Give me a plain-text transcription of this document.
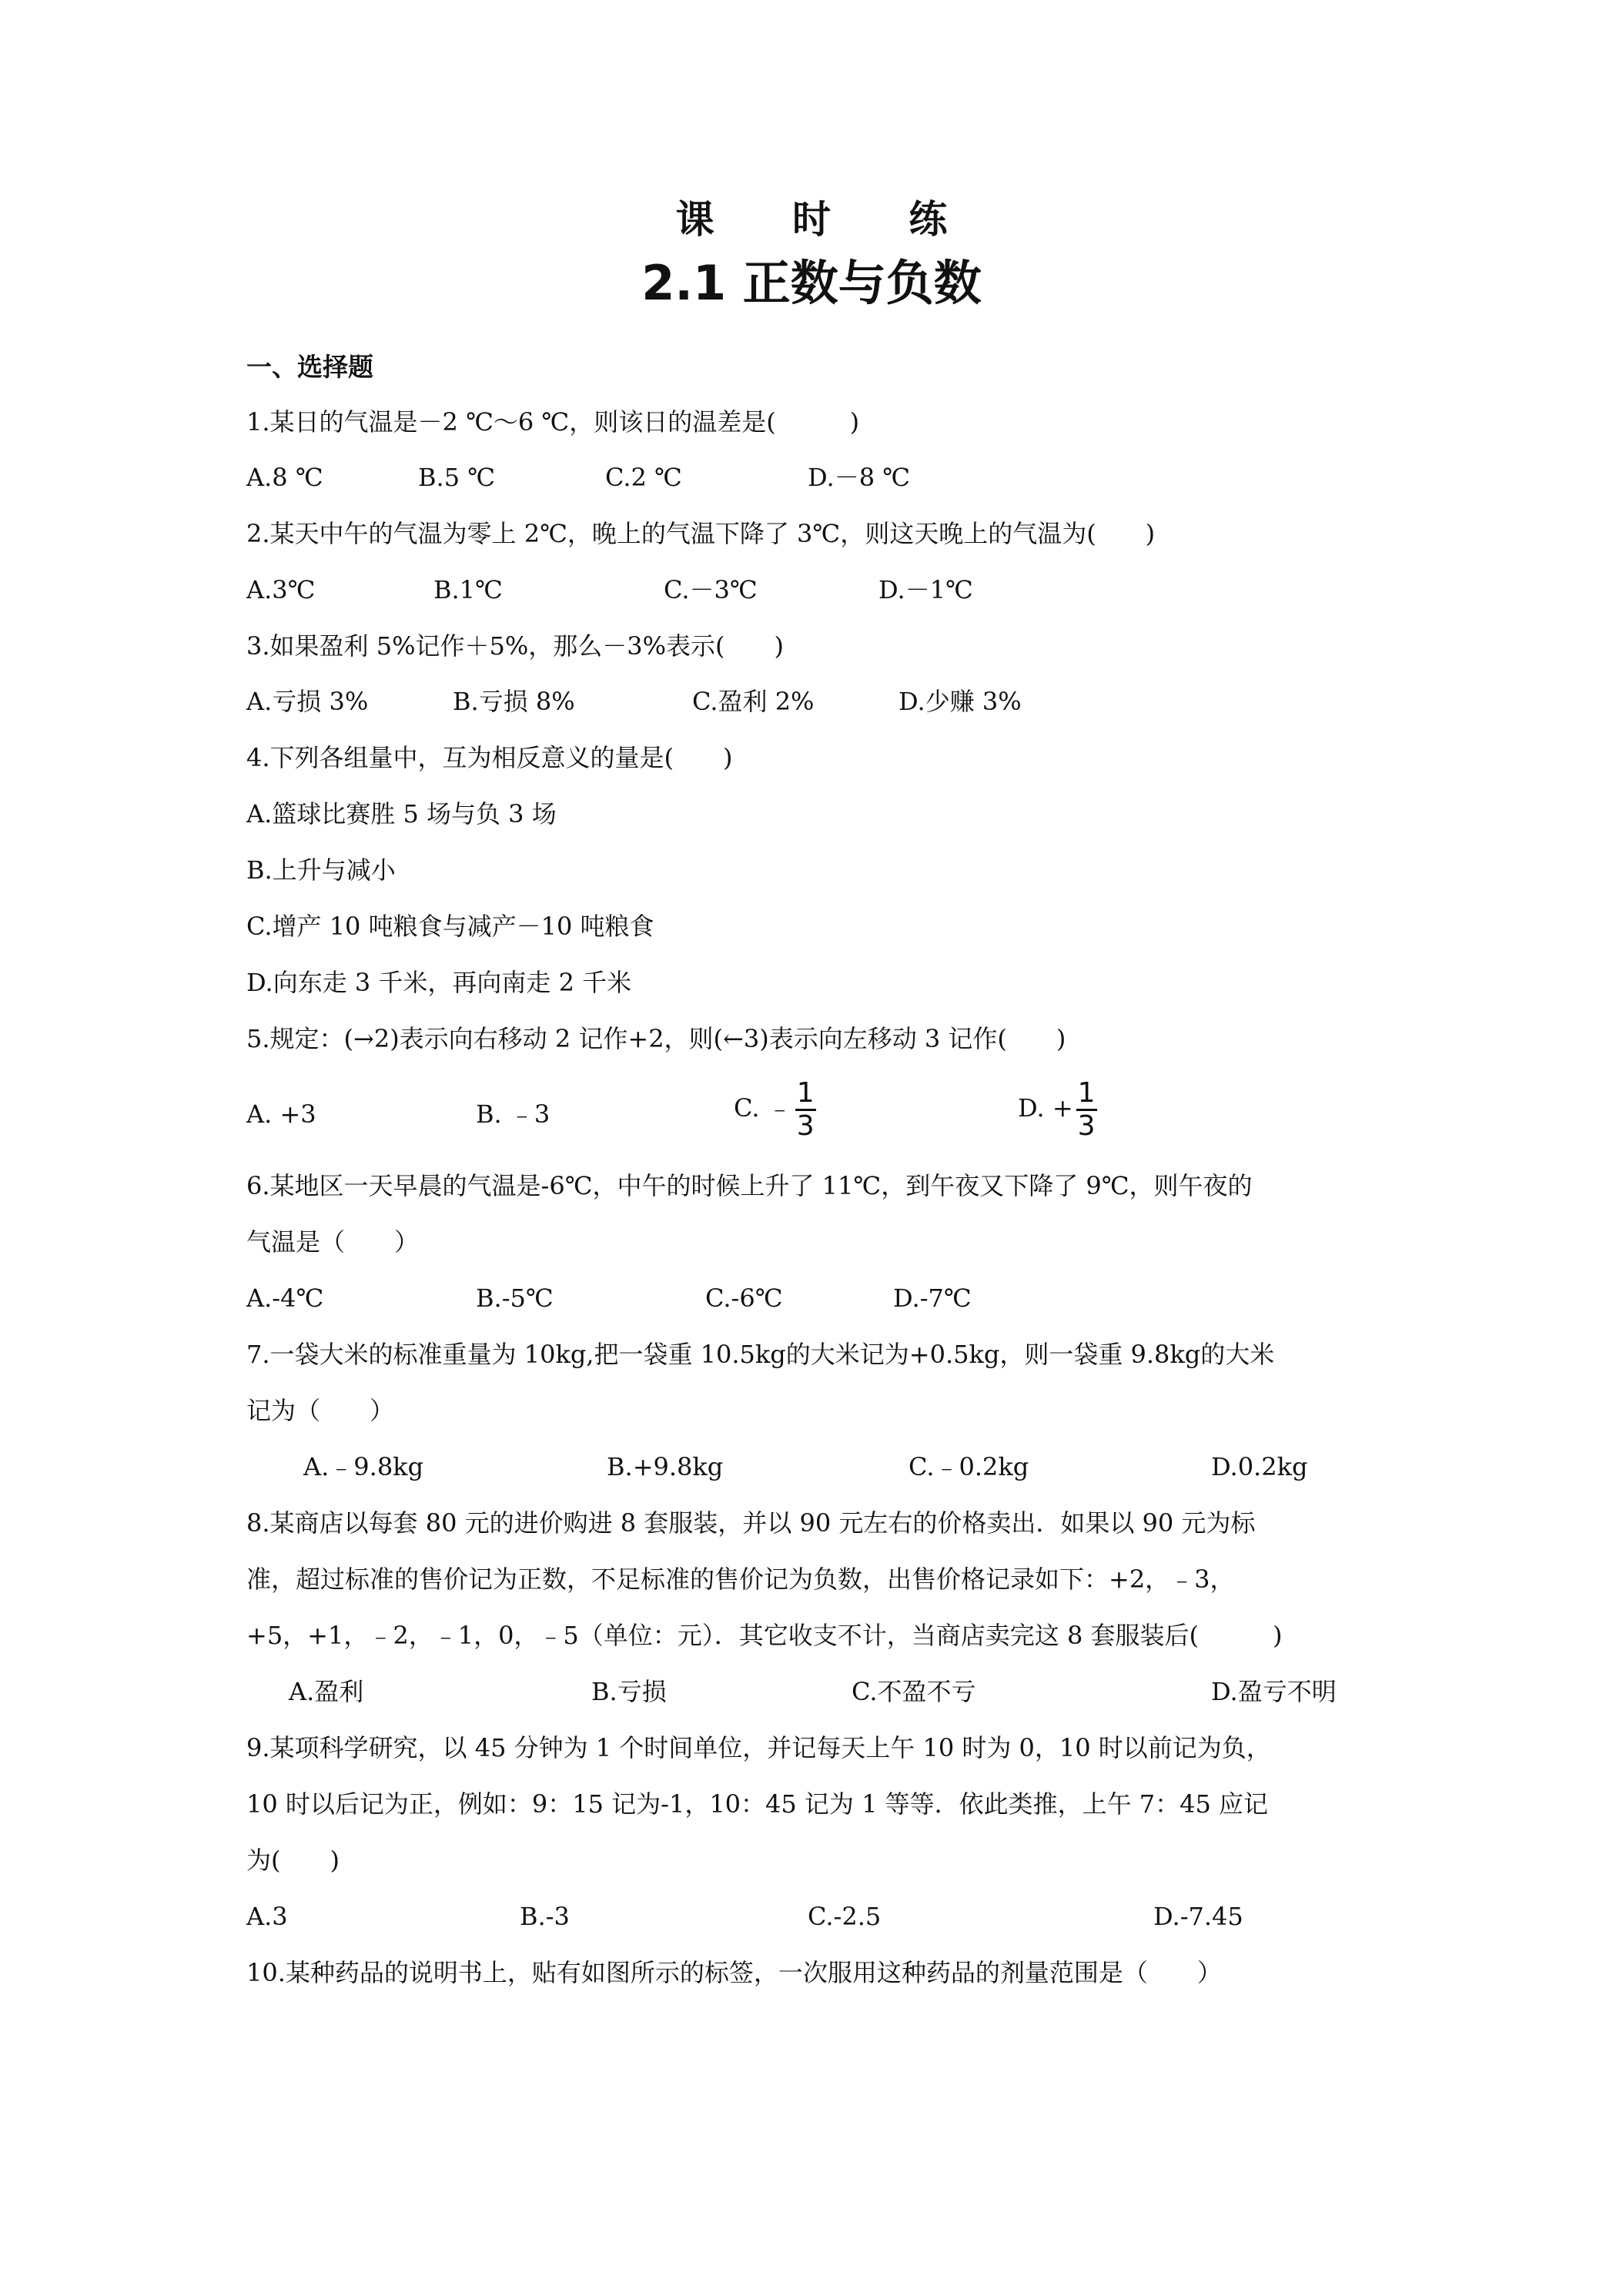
课 时 练
2.1 正数与负数
一、选择题
1.某日的气温是－2 ℃～6 ℃，则该日的温差是(　　　)
A.8 ℃	B.5 ℃	C.2 ℃	D.－8 ℃
2.某天中午的气温为零上 2℃，晚上的气温下降了 3℃，则这天晚上的气温为(　　)
A.3℃	B.1℃	C.－3℃	D.－1℃
3.如果盈利 5%记作＋5%，那么－3%表示(　　)
A.亏损 3%	B.亏损 8%	C.盈利 2%	D.少赚 3%
4.下列各组量中，互为相反意义的量是(　　)
A.篮球比赛胜 5 场与负 3 场
B.上升与减小
C.增产 10 吨粮食与减产－10 吨粮食
D.向东走 3 千米，再向南走 2 千米
5.规定：(→2)表示向右移动 2 记作+2，则(←3)表示向左移动 3 记作(　　)
A. +3	B. ﹣3	C. ﹣ $\frac{1}{3}$	D. + $\frac{1}{3}$
6.某地区一天早晨的气温是-6℃，中午的时候上升了 11℃，到午夜又下降了 9℃，则午夜的
气温是（　　）
A.-4℃	B.-5℃	C.-6℃	D.-7℃
7.一袋大米的标准重量为 10kg,把一袋重 10.5kg的大米记为+0.5kg，则一袋重 9.8kg的大米
记为（　　）
A.﹣9.8kg	B.+9.8kg	C.﹣0.2kg	D.0.2kg
8.某商店以每套 80 元的进价购进 8 套服装，并以 90 元左右的价格卖出．如果以 90 元为标
准，超过标准的售价记为正数，不足标准的售价记为负数，出售价格记录如下：+2，﹣3，
+5，+1，﹣2，﹣1，0，﹣5（单位：元）．其它收支不计，当商店卖完这 8 套服装后(　　　)
A.盈利	B.亏损	C.不盈不亏	D.盈亏不明
9.某项科学研究，以 45 分钟为 1 个时间单位，并记每天上午 10 时为 0，10 时以前记为负，
10 时以后记为正，例如：9：15 记为-1，10：45 记为 1 等等．依此类推，上午 7：45 应记
为(　　)
A.3	B.-3	C.-2.5	D.-7.45
10.某种药品的说明书上，贴有如图所示的标签，一次服用这种药品的剂量范围是（　　）
